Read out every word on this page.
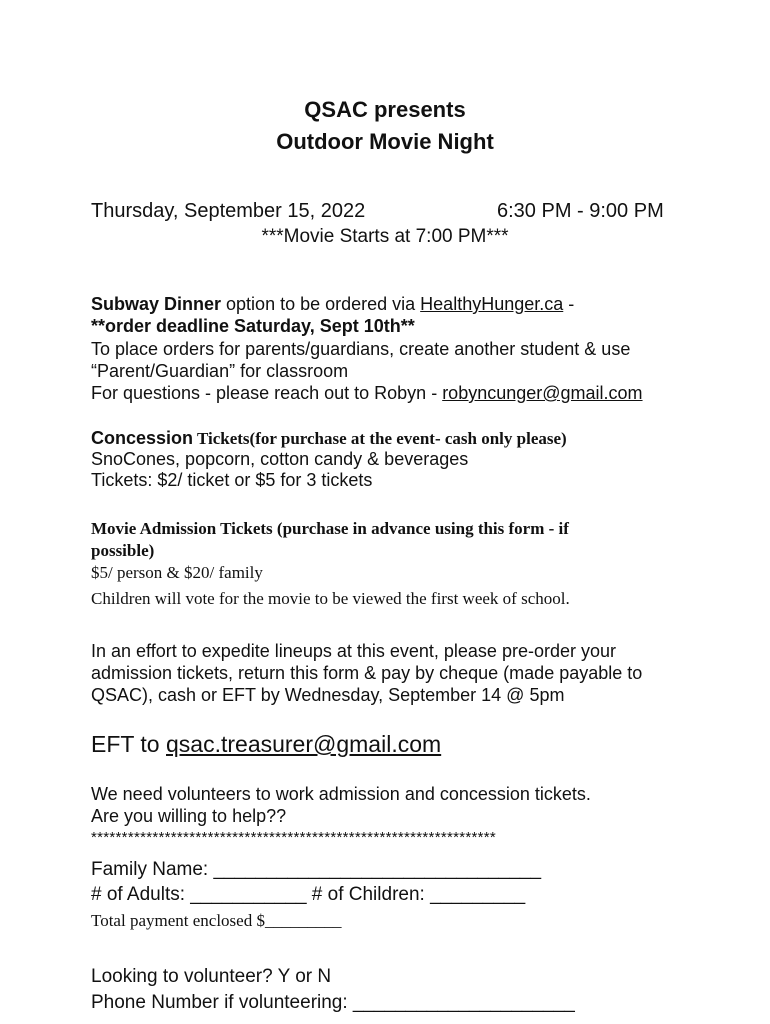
QSAC presents
Outdoor Movie Night
Thursday, September 15, 2022	6:30 PM - 9:00 PM
***Movie Starts at 7:00 PM***
Subway Dinner option to be ordered via HealthyHunger.ca -
**order deadline Saturday, Sept 10th**
To place orders for parents/guardians, create another student & use
“Parent/Guardian” for classroom
For questions - please reach out to Robyn - robyncunger@gmail.com
Concession Tickets(for purchase at the event- cash only please)
SnoCones, popcorn, cotton candy & beverages
Tickets: $2/ ticket or $5 for 3 tickets
Movie Admission Tickets (purchase in advance using this form - if
possible)
$5/ person & $20/ family
Children will vote for the movie to be viewed the first week of school.
In an effort to expedite lineups at this event, please pre-order your
admission tickets, return this form & pay by cheque (made payable to
QSAC), cash or EFT by Wednesday, September 14 @ 5pm
EFT to qsac.treasurer@gmail.com
We need volunteers to work admission and concession tickets.
Are you willing to help??
******************************************************************
Family Name: _______________________________
# of Adults: ___________ # of Children: _________
Total payment enclosed $_________
Looking to volunteer? Y or N
Phone Number if volunteering: _____________________
